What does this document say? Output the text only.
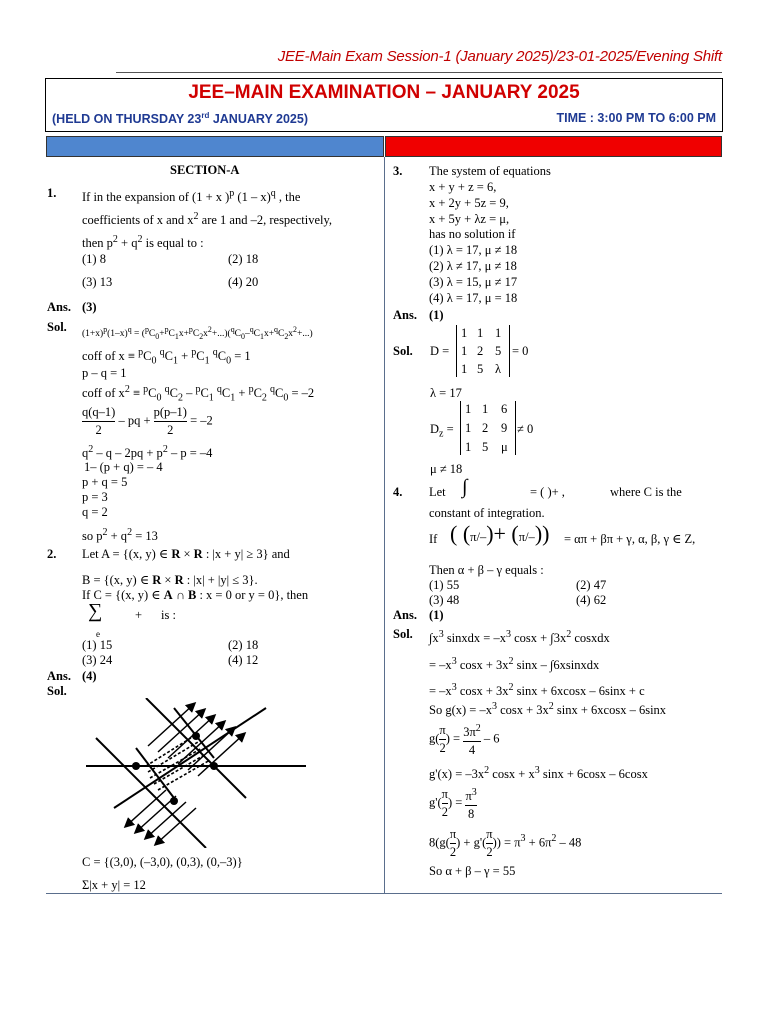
JEE-Main Exam Session-1 (January 2025)/23-01-2025/Evening Shift
JEE–MAIN EXAMINATION – JANUARY 2025
(HELD ON THURSDAY 23rd JANUARY 2025)	TIME : 3:00 PM TO 6:00 PM
SECTION-A
1. If in the expansion of (1 + x )$^p$ (1 – x)$^q$ , the
coefficients of x and $x^2$ are 1 and –2, respectively,
then $p^2 + q^2$ is equal to :
(1) 8	(2) 18
(3) 13	(4) 20
Ans. (3)
Sol.
$(1+x)^p(1-x)^q = (^pC_0+^pC_1x+^pC_2x^2+...)(^qC_0-^qC_1x+^qC_2x^2+...)$
coff of $x \equiv ^pC_0$ $^qC_1 + ^pC_1$ $^qC_0 = 1$
p – q = 1
coff of $x^2 \equiv ^pC_0$ $^qC_2 - ^pC_1$ $^qC_1 + ^pC_2$ $^qC_0 = -2$
$\frac{q(q-1)}{2}$ – pq + $\frac{p(p-1)}{2} = -2$
$q^2 - q - 2pq + p^2 - p = -4$
1– (p + q) = – 4
p + q = 5
p = 3
q = 2
so $p^2 + q^2 = 13$
2. Let A = {(x, y) ∈ R × R : |x + y| ≥ 3} and
B = {(x, y) ∈ R × R : |x| + |y| ≤ 3}.
If C = {(x, y) ∈ A ∩ B : x = 0 or y = 0}, then
∑
e
+ is :
(1) 15	(2) 18
(3) 24	(4) 12
Ans. (4)
Sol.
C = {(3,0), (–3,0), (0,3), (0,–3)}
Σ|x + y| = 12
3. The system of equations
x + y + z = 6,
x + 2y + 5z = 9,
x + 5y + λz = μ,
has no solution if
(1) λ = 17, μ ≠ 18
(2) λ ≠ 17, μ ≠ 18
(3) λ = 15, μ ≠ 17
(4) λ = 17, μ = 18
Ans. (1)
Sol. D =
1 1 1
1 2 5
1 5 λ
= 0
λ = 17
$D_z$ =
1 1 6
1 2 9
1 5 μ
≠ 0
μ ≠ 18
4. Let ∫	= ( )+ ,	where C is the
constant of integration.
If ( (π/–)+ (π/–)) = απ + βπ + γ, α, β, γ ∈ Z,
Then α + β – γ equals :
(1) 55	(2) 47
(3) 48	(4) 62
Ans. (1)
Sol. $\int x^3$ sinxdx = $-x^3$ $\cos x + \int 3x^2$ cosxdx
= $-x^3$ $\cos x + 3x^2$ sinx – ∫6xsinxdx
= $-x^3$ $\cos x + 3x^2$ sinx + 6xcosx – 6sinx + c
So $g(x) = -x^3$ $\cos x + 3x^2$ sinx + 6xcosx – 6sinx
$g( \frac{\pi}{2}$ ) = $\frac{3\pi^2}{4} - 6$
$g'(x) = -3x^2$ $\cos x + x^3$ sinx + 6cosx – 6cosx
$g'( \frac{\pi}{2}$ ) = $\frac{\pi^3}{8}$
$8(g( \frac{\pi}{2}$ ) + $g'( \frac{\pi}{2}$ )) = $\pi^3 + 6\pi^2 - 48$
So α + β – γ = 55
